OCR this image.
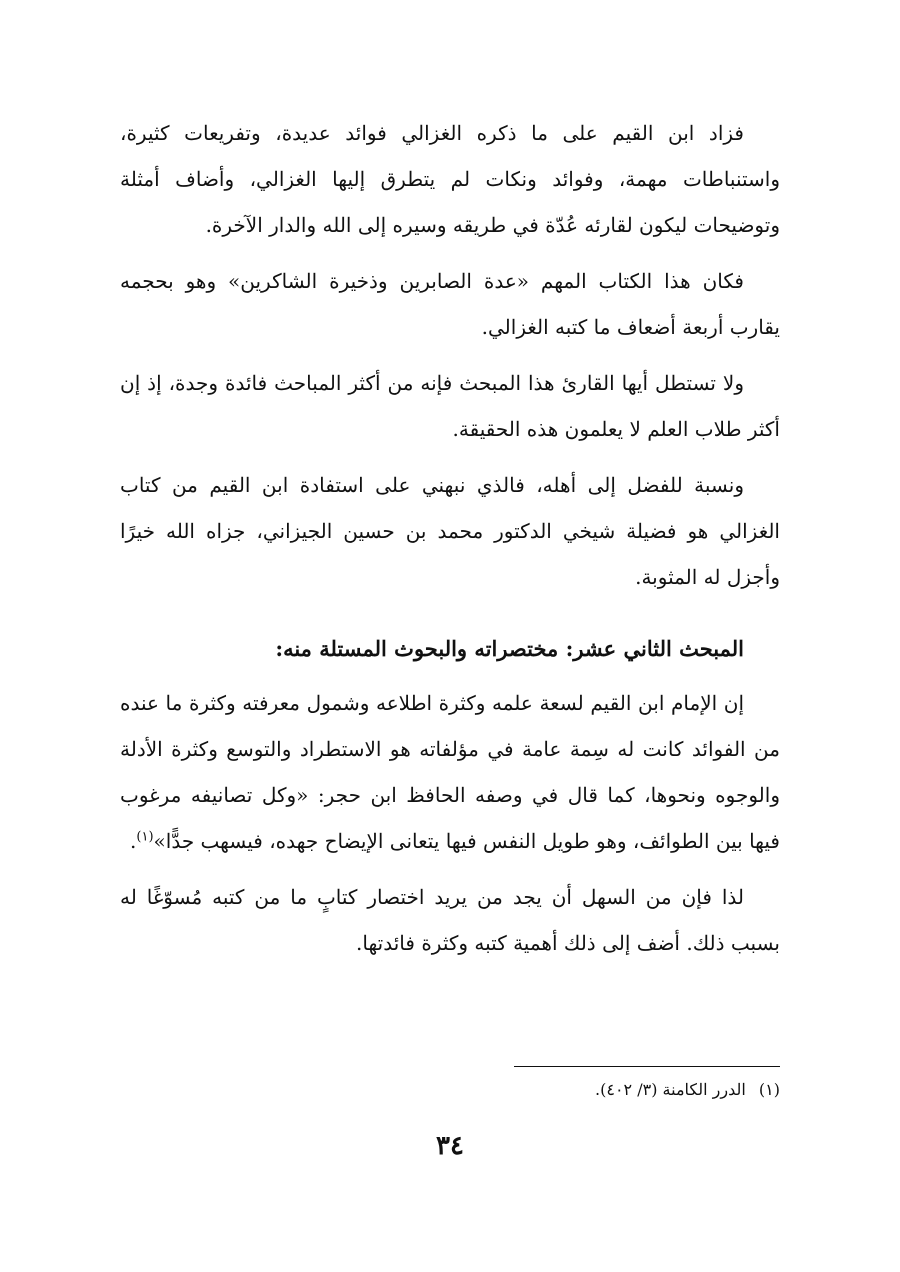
فزاد ابن القيم على ما ذكره الغزالي فوائد عديدة، وتفريعات كثيرة، واستنباطات مهمة، وفوائد ونكات لم يتطرق إليها الغزالي، وأضاف أمثلة وتوضيحات ليكون لقارئه عُدّة في طريقه وسيره إلى الله والدار الآخرة.

فكان هذا الكتاب المهم «عدة الصابرين وذخيرة الشاكرين» وهو بحجمه يقارب أربعة أضعاف ما كتبه الغزالي.

ولا تستطل أيها القارئ هذا المبحث فإنه من أكثر المباحث فائدة وجدة، إذ إن أكثر طلاب العلم لا يعلمون هذه الحقيقة.

ونسبة للفضل إلى أهله، فالذي نبهني على استفادة ابن القيم من كتاب الغزالي هو فضيلة شيخي الدكتور محمد بن حسين الجيزاني، جزاه الله خيرًا وأجزل له المثوبة.

المبحث الثاني عشر: مختصراته والبحوث المستلة منه:

إن الإمام ابن القيم لسعة علمه وكثرة اطلاعه وشمول معرفته وكثرة ما عنده من الفوائد كانت له سِمة عامة في مؤلفاته هو الاستطراد والتوسع وكثرة الأدلة والوجوه ونحوها، كما قال في وصفه الحافظ ابن حجر: «وكل تصانيفه مرغوب فيها بين الطوائف، وهو طويل النفس فيها يتعانى الإيضاح جهده، فيسهب جدًّا»$^{(١)}$.

لذا فإن من السهل أن يجد من يريد اختصار كتابٍ ما من كتبه مُسوّغًا له بسبب ذلك. أضف إلى ذلك أهمية كتبه وكثرة فائدتها.

(١) الدرر الكامنة (٣/ ٤٠٢).
٣٤
